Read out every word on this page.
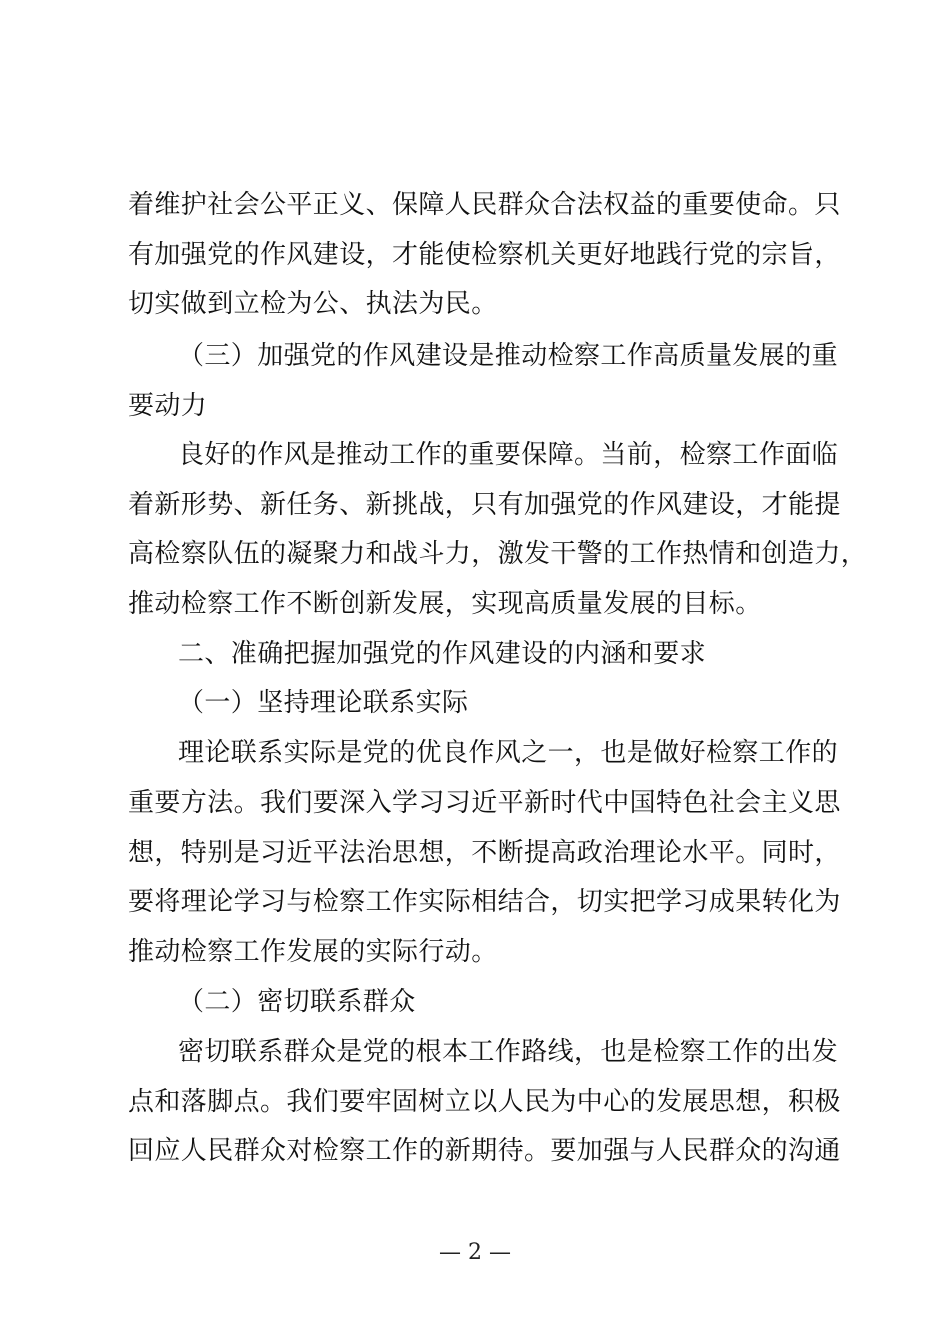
着维护社会公平正义、保障人民群众合法权益的重要使命。只
有加强党的作风建设，才能使检察机关更好地践行党的宗旨，
切实做到立检为公、执法为民。
（三）加强党的作风建设是推动检察工作高质量发展的重
要动力
良好的作风是推动工作的重要保障。当前，检察工作面临
着新形势、新任务、新挑战，只有加强党的作风建设，才能提
高检察队伍的凝聚力和战斗力，激发干警的工作热情和创造力，
推动检察工作不断创新发展，实现高质量发展的目标。
二、准确把握加强党的作风建设的内涵和要求
（一）坚持理论联系实际
理论联系实际是党的优良作风之一，也是做好检察工作的
重要方法。我们要深入学习习近平新时代中国特色社会主义思
想，特别是习近平法治思想，不断提高政治理论水平。同时，
要将理论学习与检察工作实际相结合，切实把学习成果转化为
推动检察工作发展的实际行动。
（二）密切联系群众
密切联系群众是党的根本工作路线，也是检察工作的出发
点和落脚点。我们要牢固树立以人民为中心的发展思想，积极
回应人民群众对检察工作的新期待。要加强与人民群众的沟通
— 2 —
